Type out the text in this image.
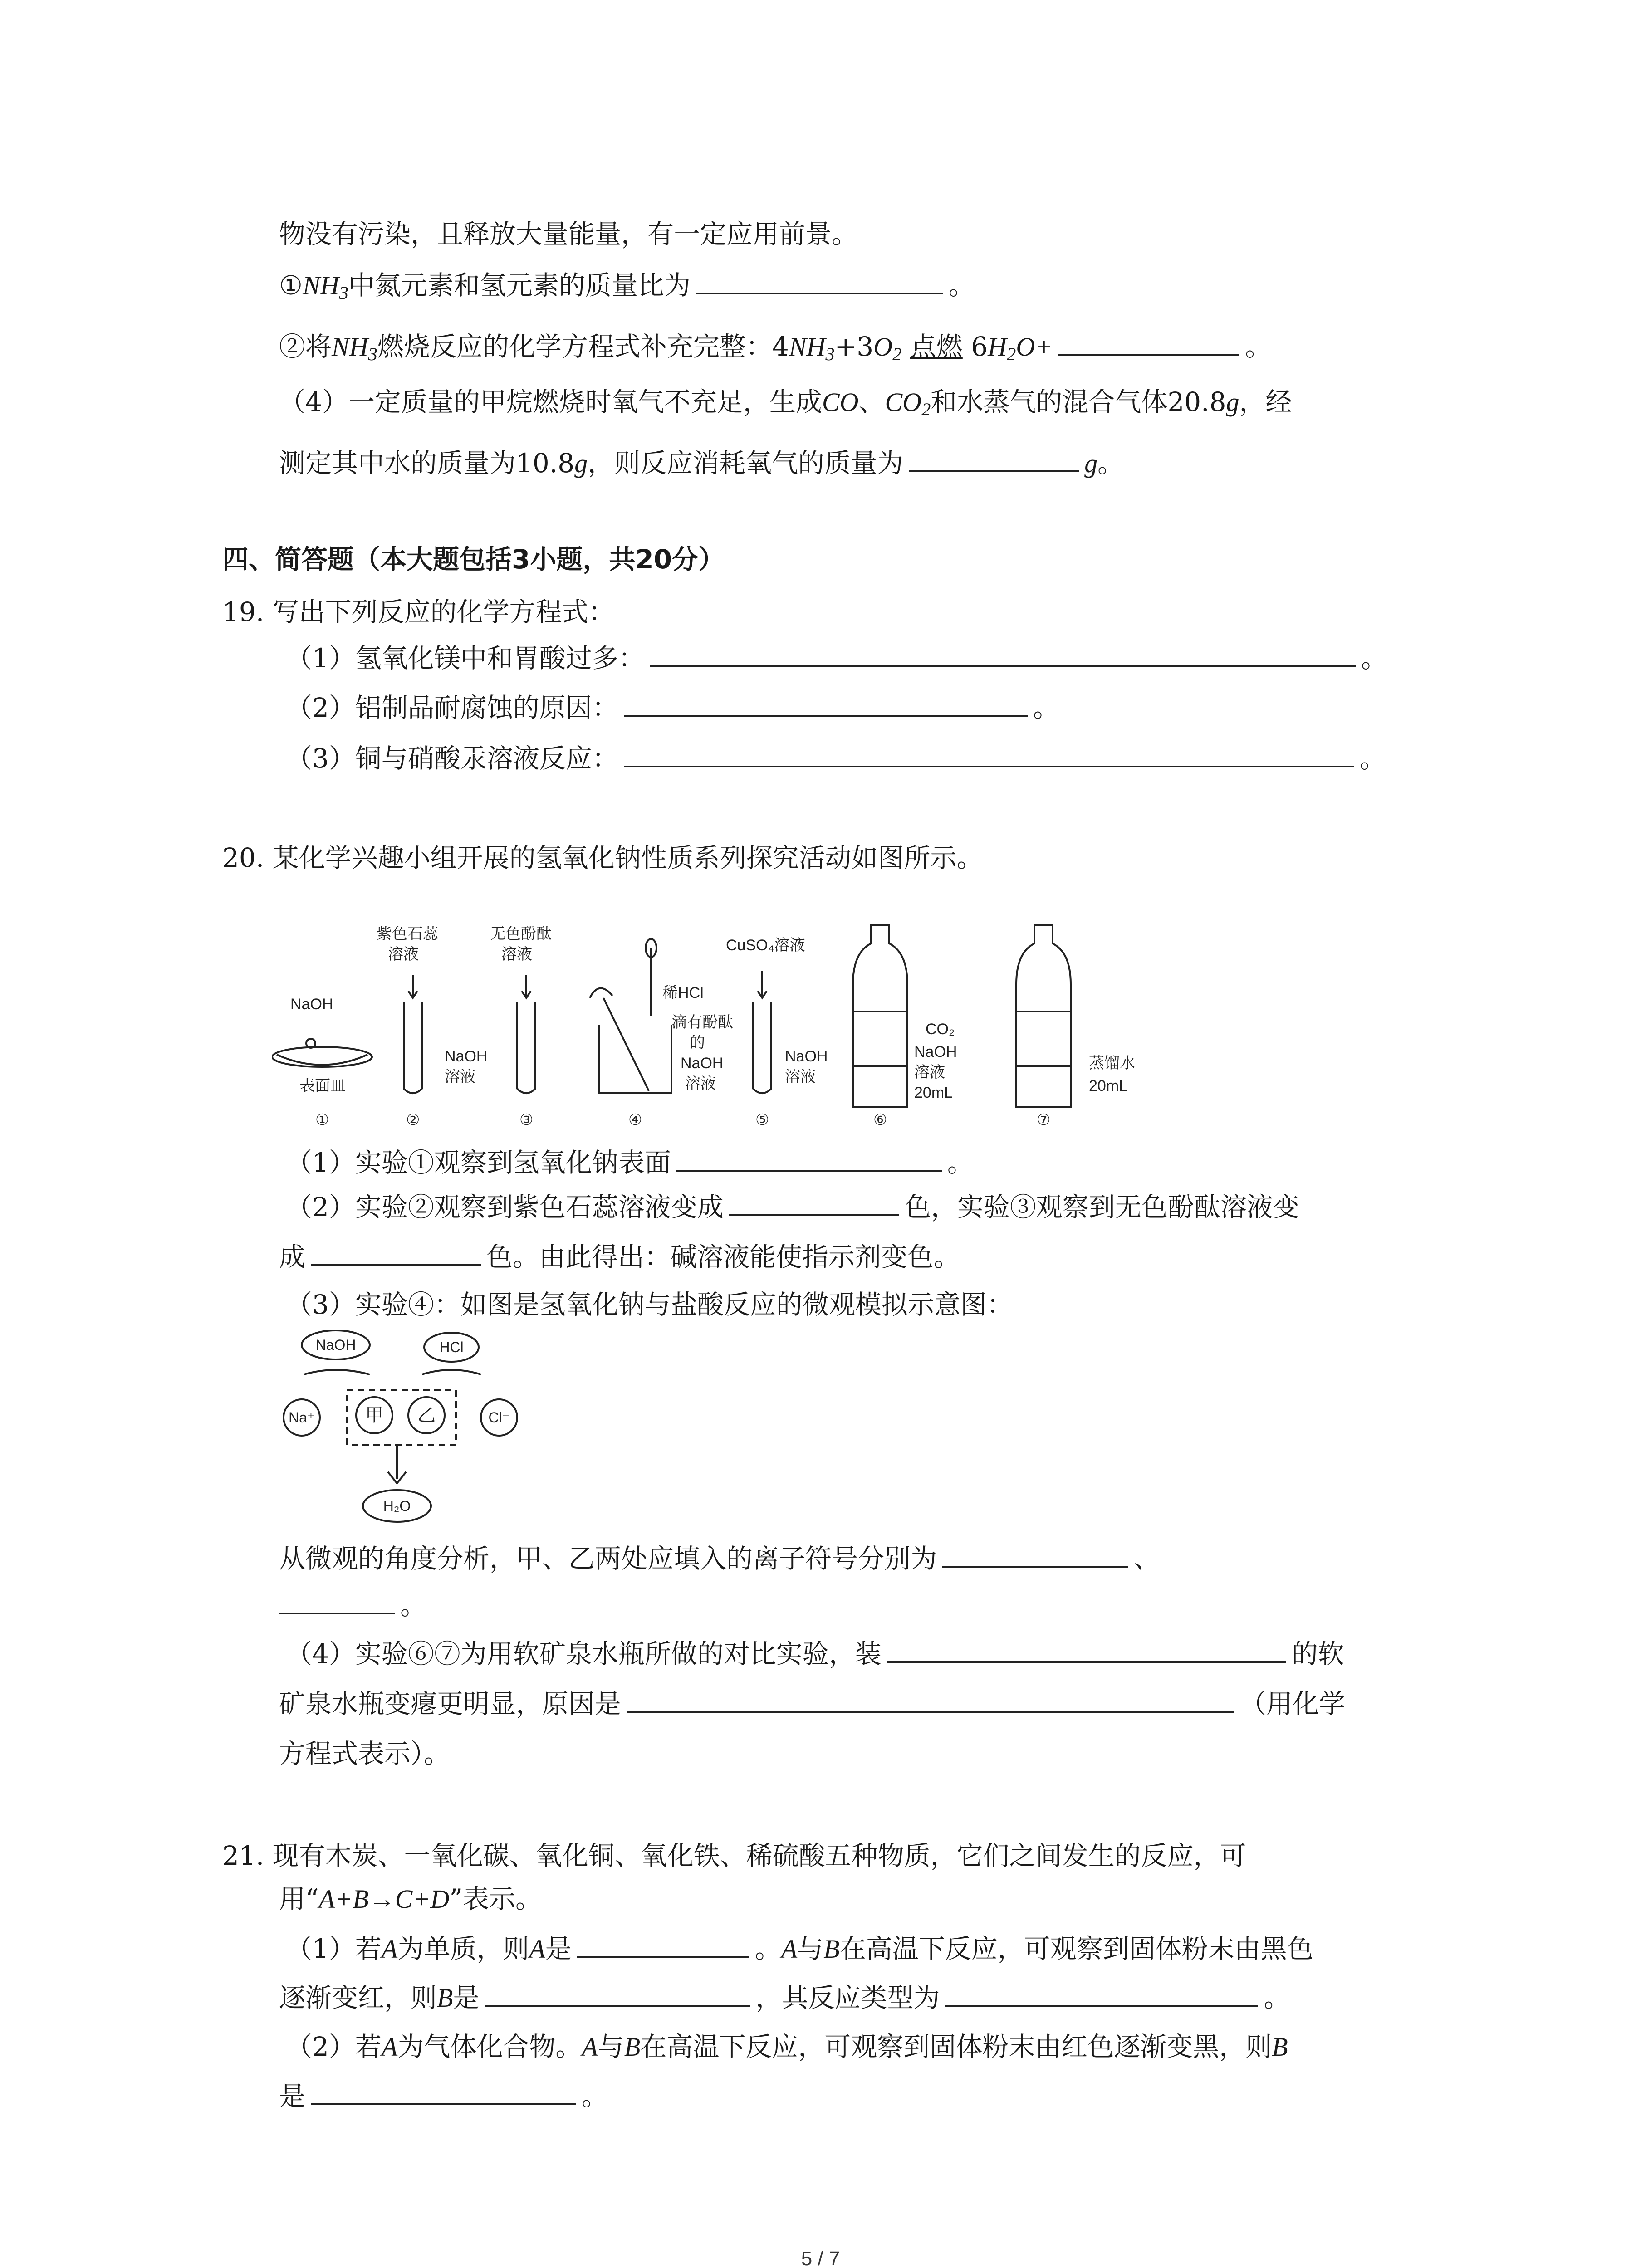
物没有污染，且释放大量能量，有一定应用前景。
$①NH_3$中氮元素和氢元素的质量比为	。
②将$NH_3$燃烧反应的化学方程式补充完整：$4NH_3+3O_2$ 点燃 $6H_2O+$	。
（4）一定质量的甲烷燃烧时氧气不充足，生成CO、$CO_2$和水蒸气的混合气体20.8g，经
测定其中水的质量为10.8g，则反应消耗氧气的质量为	g。
四、简答题（本大题包括3小题，共20分）
19. 写出下列反应的化学方程式：
（1）氢氧化镁中和胃酸过多：	。
（2）铝制品耐腐蚀的原因：	。
（3）铜与硝酸汞溶液反应：	。
20. 某化学兴趣小组开展的氢氧化钠性质系列探究活动如图所示。
NaOH
表面皿
紫色石蕊
溶液
无色酚酞
溶液
NaOH
溶液
稀HCl
滴有酚酞
的
NaOH
溶液
CuSO₄溶液
NaOH
溶液
CO₂
NaOH
溶液
20mL
蒸馏水
20mL
①	②	③	④	⑤	⑥	⑦
（1）实验①观察到氢氧化钠表面	。
（2）实验②观察到紫色石蕊溶液变成	色，实验③观察到无色酚酞溶液变
成	色。由此得出：碱溶液能使指示剂变色。
（3）实验④：如图是氢氧化钠与盐酸反应的微观模拟示意图：
NaOH	HCl
Na⁺	甲 乙	Cl⁻
H₂O
从微观的角度分析，甲、乙两处应填入的离子符号分别为	、
。
（4）实验⑥⑦为用软矿泉水瓶所做的对比实验，装	的软
矿泉水瓶变瘪更明显，原因是	（用化学
方程式表示）。
21. 现有木炭、一氧化碳、氧化铜、氧化铁、稀硫酸五种物质，它们之间发生的反应，可
用“A+B→C+D”表示。
（1）若A为单质，则A是	。A与B在高温下反应，可观察到固体粉末由黑色
逐渐变红，则B是	，其反应类型为	。
（2）若A为气体化合物。A与B在高温下反应，可观察到固体粉末由红色逐渐变黑，则B
是	。
5 / 7
